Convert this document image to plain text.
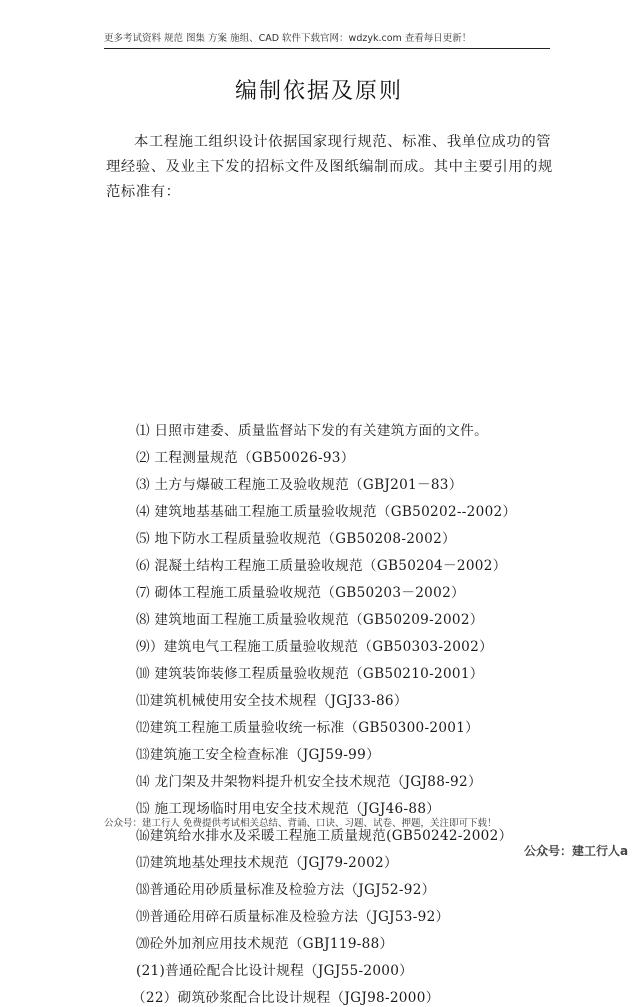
更多考试资料 规范 图集 方案 施组、CAD 软件下载官网：wdzyk.com 查看每日更新！
编制依据及原则
本工程施工组织设计依据国家现行规范、标准、我单位成功的管理经验、及业主下发的招标文件及图纸编制而成。其中主要引用的规范标准有：
⑴ 日照市建委、质量监督站下发的有关建筑方面的文件。
⑵ 工程测量规范（GB50026-93）
⑶ 土方与爆破工程施工及验收规范（GBJ201－83）
⑷ 建筑地基基础工程施工质量验收规范（GB50202--2002）
⑸ 地下防水工程质量验收规范（GB50208-2002）
⑹ 混凝土结构工程施工质量验收规范（GB50204－2002）
⑺ 砌体工程施工质量验收规范（GB50203－2002）
⑻ 建筑地面工程施工质量验收规范（GB50209-2002）
⑼）建筑电气工程施工质量验收规范（GB50303-2002）
⑽ 建筑装饰装修工程质量验收规范（GB50210-2001）
⑾建筑机械使用安全技术规程（JGJ33-86）
⑿建筑工程施工质量验收统一标准（GB50300-2001）
⒀建筑施工安全检查标准（JGJ59-99）
⒁ 龙门架及井架物料提升机安全技术规范（JGJ88-92）
⒂ 施工现场临时用电安全技术规范（JGJ46-88）
⒃建筑给水排水及采暖工程施工质量规范(GB50242-2002）
⒄建筑地基处理技术规范（JGJ79-2002）
⒅普通砼用砂质量标准及检验方法（JGJ52-92）
⒆普通砼用碎石质量标准及检验方法（JGJ53-92）
⒇砼外加剂应用技术规范（GBJ119-88）
(21)普通砼配合比设计规程（JGJ55-2000）
（22）砌筑砂浆配合比设计规程（JGJ98-2000）
公众号：建工行人 免费提供考试相关总结、背诵、口诀、习题、试卷、押题，关注即可下载！
公众号：建工行人a
